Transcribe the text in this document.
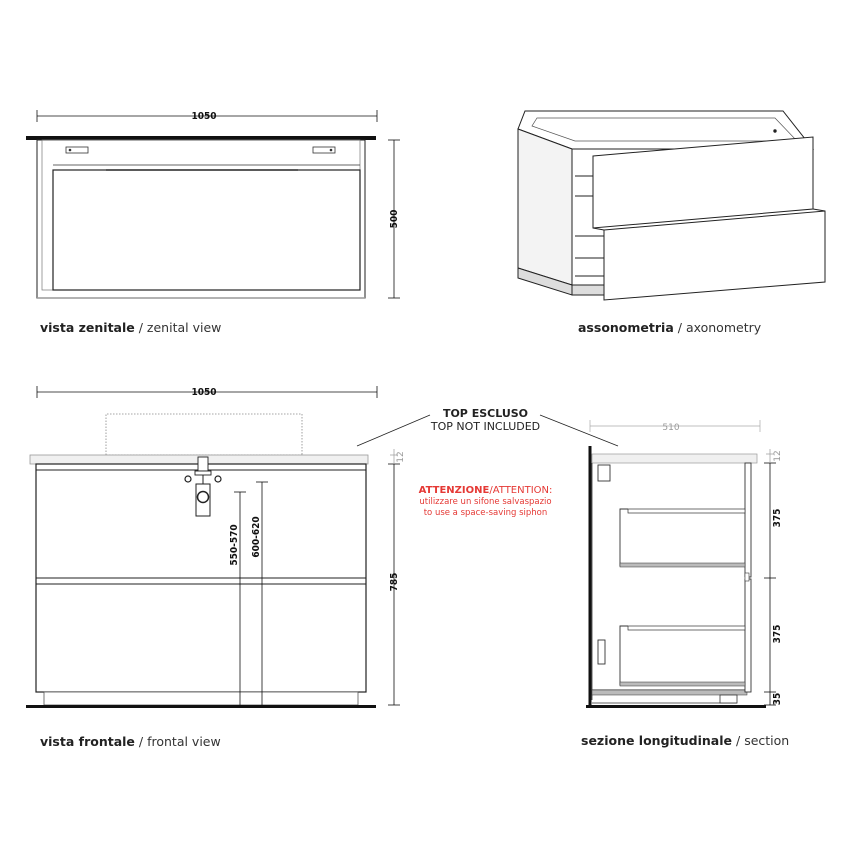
1050
500
1050
550-570 600-620
785
12
510
375
375
35
12
vista zenitale / zenital view	assonometria / axonometry
vista frontale / frontal view	sezione longitudinale / section
TOP ESCLUSO
TOP NOT INCLUDED
ATTENZIONE/ATTENTION:
utilizzare un sifone salvaspazio
to use a space-saving siphon
